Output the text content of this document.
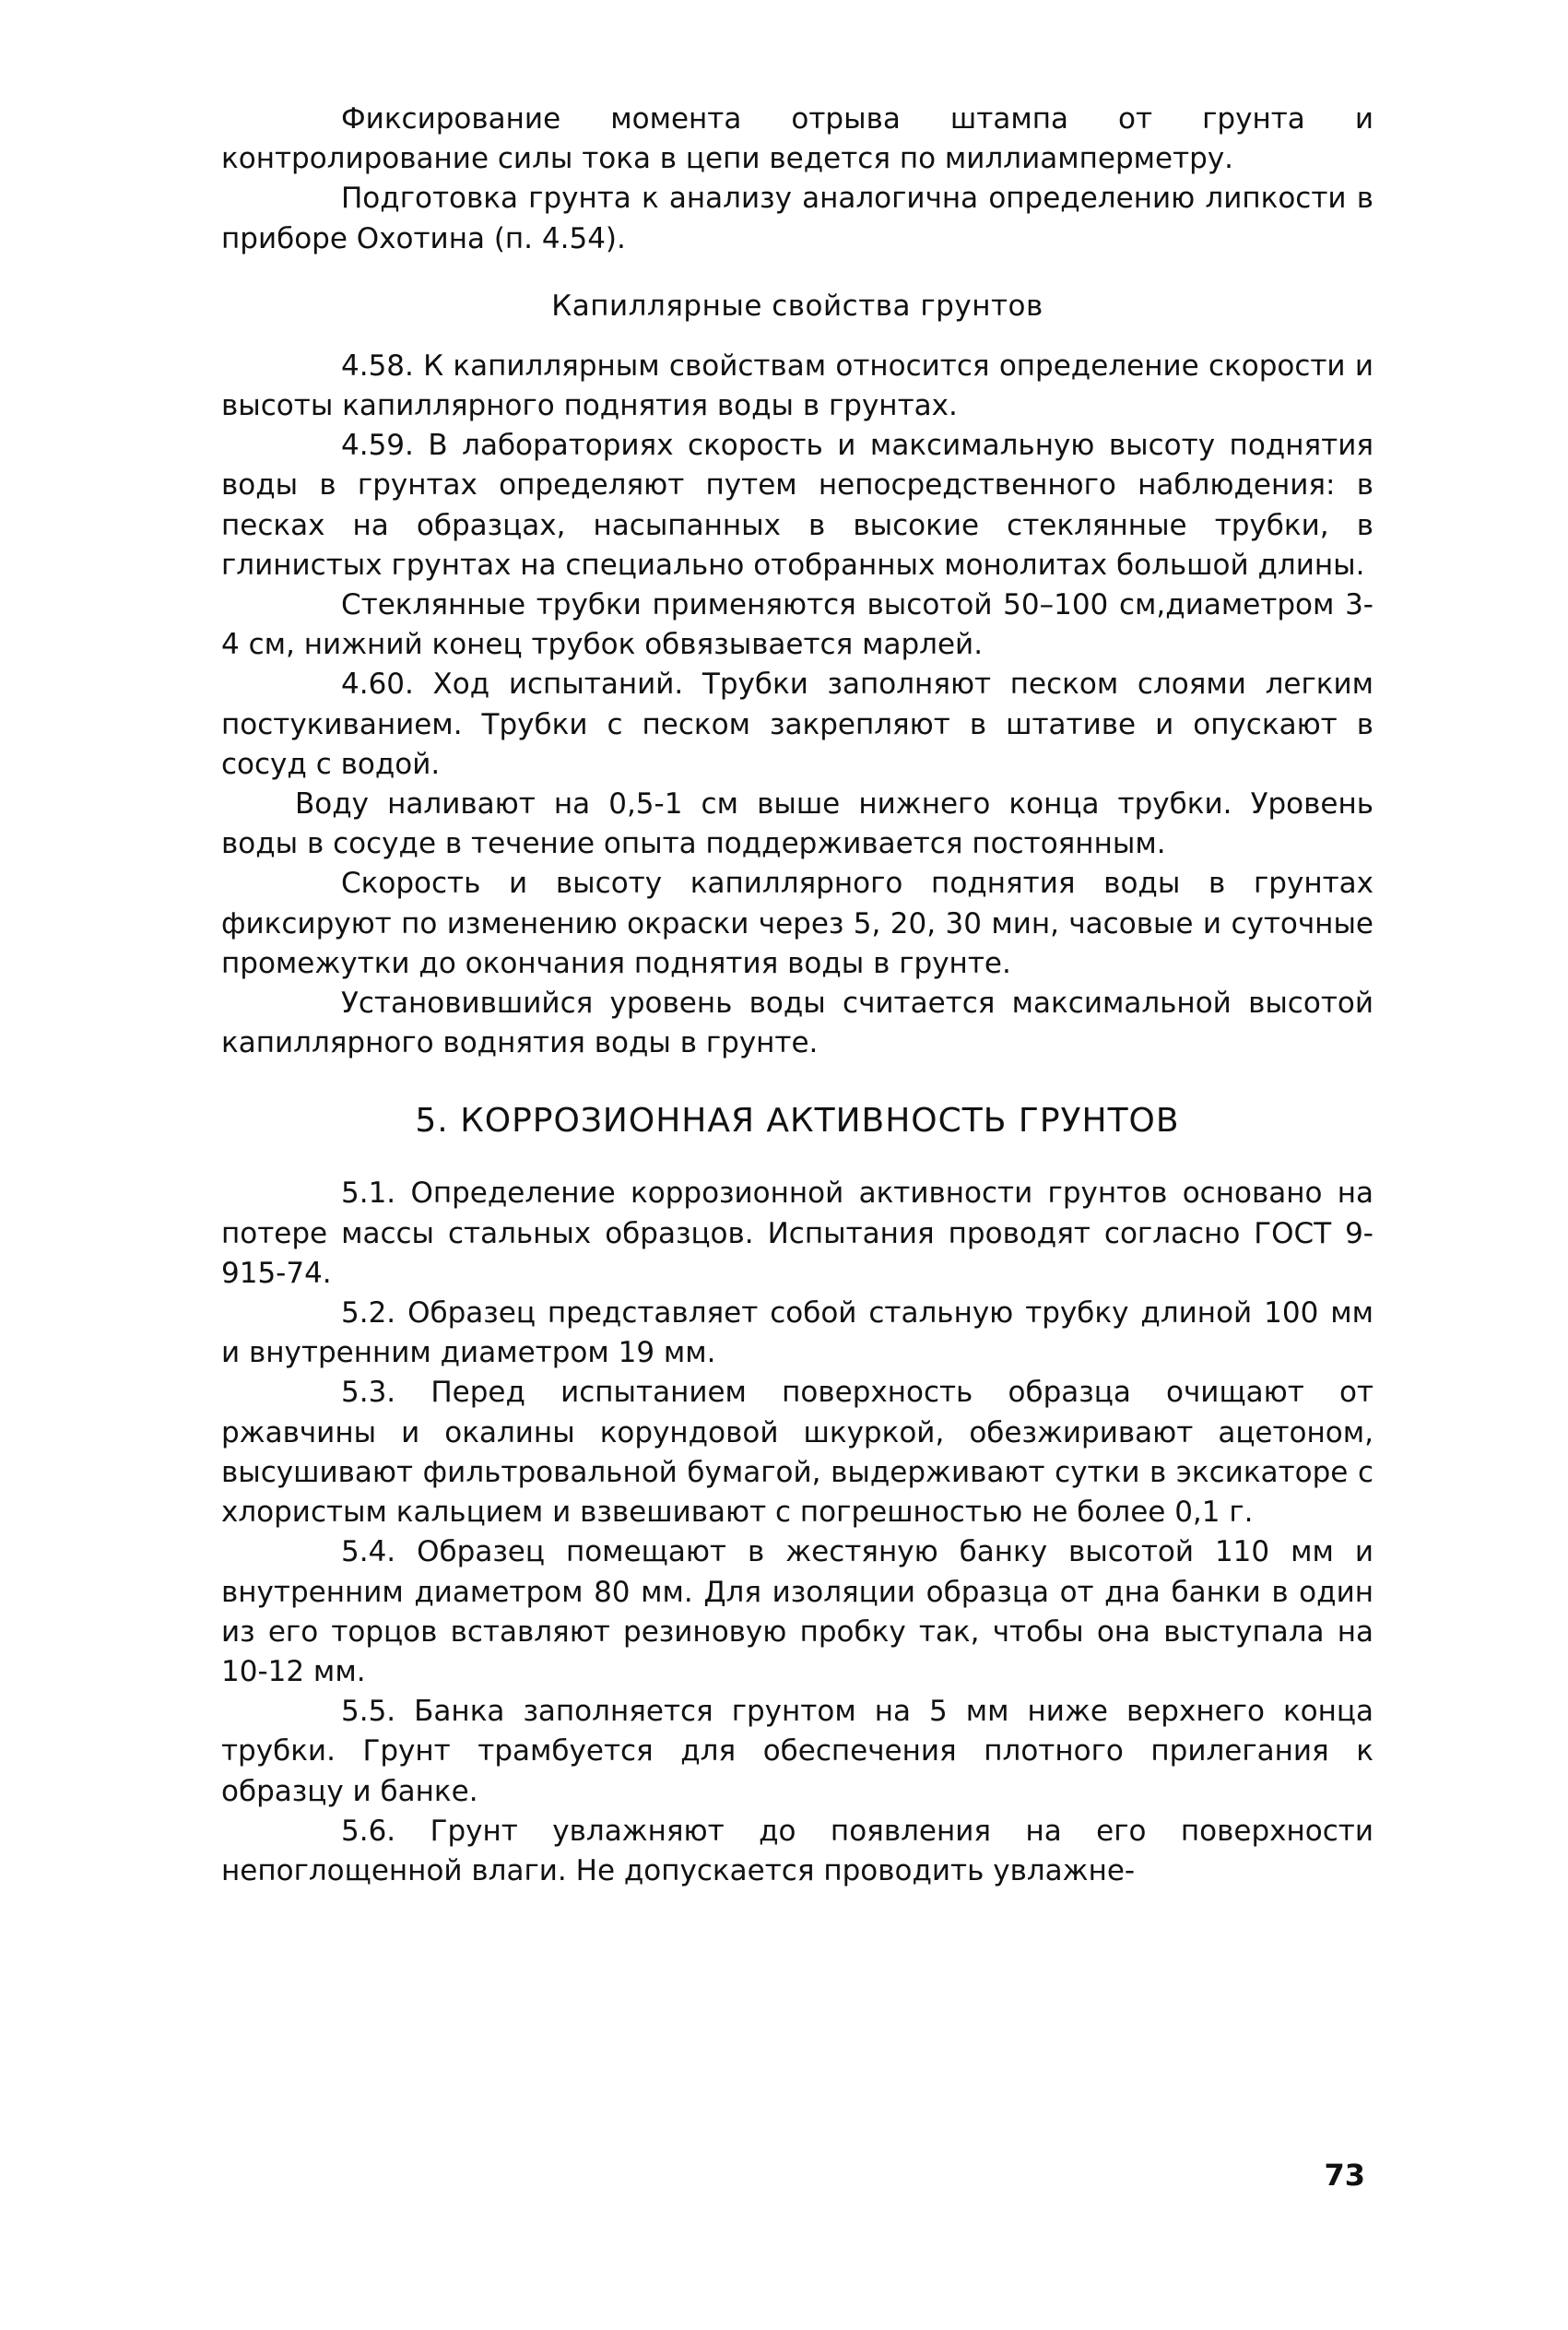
Фиксирование момента отрыва штампа от грунта и контролирование силы тока в цепи ведется по миллиамперметру.

Подготовка грунта к анализу аналогична определению липкости в приборе Охотина (п. 4.54).

Капиллярные свойства грунтов

4.58. К капиллярным свойствам относится определение скорости и высоты капиллярного поднятия воды в грунтах.

4.59. В лабораториях скорость и максимальную высоту поднятия воды в грунтах определяют путем непосредственного наблюдения: в песках на образцах, насыпанных в высокие стеклянные трубки, в глинистых грунтах на специально отобранных монолитах большой длины.

Стеклянные трубки применяются высотой 50–100 см,диаметром 3-4 см, нижний конец трубок обвязывается марлей.

4.60. Ход испытаний. Трубки заполняют песком слоями легким постукиванием. Трубки с песком закрепляют в штативе и опускают в сосуд с водой.

Воду наливают на 0,5-1 см выше нижнего конца трубки. Уровень воды в сосуде в течение опыта поддерживается постоянным.

Скорость и высоту капиллярного поднятия воды в грунтах фиксируют по изменению окраски через 5, 20, 30 мин, часовые и суточные промежутки до окончания поднятия воды в грунте.

Установившийся уровень воды считается максимальной высотой капиллярного воднятия воды в грунте.

5. КОРРОЗИОННАЯ АКТИВНОСТЬ ГРУНТОВ

5.1. Определение коррозионной активности грунтов основано на потере массы стальных образцов. Испытания проводят согласно ГОСТ 9-915-74.

5.2. Образец представляет собой стальную трубку длиной 100 мм и внутренним диаметром 19 мм.

5.3. Перед испытанием поверхность образца очищают от ржавчины и окалины корундовой шкуркой, обезжиривают ацетоном, высушивают фильтровальной бумагой, выдерживают сутки в эксикаторе с хлористым кальцием и взвешивают с погрешностью не более 0,1 г.

5.4. Образец помещают в жестяную банку высотой 110 мм и внутренним диаметром 80 мм. Для изоляции образца от дна банки в один из его торцов вставляют резиновую пробку так, чтобы она выступала на 10-12 мм.

5.5. Банка заполняется грунтом на 5 мм ниже верхнего конца трубки. Грунт трамбуется для обеспечения плотного прилегания к образцу и банке.

5.6. Грунт увлажняют до появления на его поверхности непоглощенной влаги. Не допускается проводить увлажне-

73
